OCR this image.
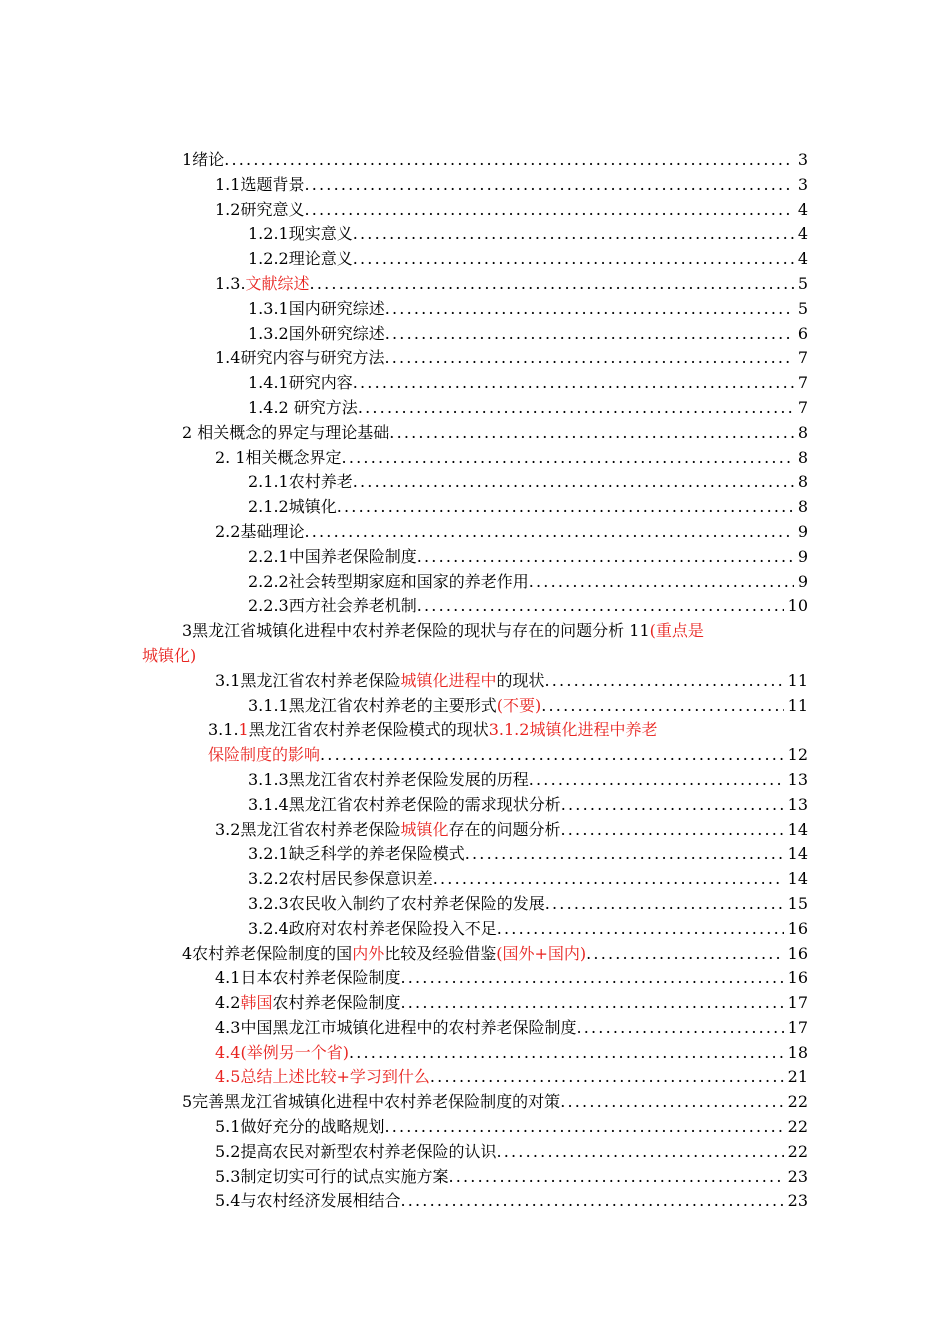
1绪论 .....	3
1.1选题背景 .....	3
1.2研究意义 .....	4
1.2.1现实意义 .....	4
1.2.2理论意义 .....	4
1.3.文献综述 .....	5
1.3.1国内研究综述 .....	5
1.3.2国外研究综述 .....	6
1.4研究内容与研究方法 .....	7
1.4.1研究内容 .....	7
1.4.2 研究方法 .....	7
2 相关概念的界定与理论基础 .....	8
2. 1相关概念界定 .....	8
2.1.1农村养老 .....	8
2.1.2城镇化 .....	8
2.2基础理论 .....	9
2.2.1中国养老保险制度 .....	9
2.2.2社会转型期家庭和国家的养老作用 .....	9
2.2.3西方社会养老机制 .....	10
3黑龙江省城镇化进程中农村养老保险的现状与存在的问题分析 11(重点是
城镇化)
3.1黑龙江省农村养老保险城镇化进程中的现状 .....	11
3.1.1黑龙江省农村养老的主要形式(不要) .....	11
3.1.1黑龙江省农村养老保险模式的现状3.1.2城镇化进程中养老
保险制度的影响 .....	12
3.1.3黑龙江省农村养老保险发展的历程 .....	13
3.1.4黑龙江省农村养老保险的需求现状分析 .....	13
3.2黑龙江省农村养老保险城镇化存在的问题分析 .....	14
3.2.1缺乏科学的养老保险模式 .....	14
3.2.2农村居民参保意识差 .....	14
3.2.3农民收入制约了农村养老保险的发展 .....	15
3.2.4政府对农村养老保险投入不足 .....	16
4农村养老保险制度的国内外比较及经验借鉴(国外+国内) .....	16
4.1日本农村养老保险制度 .....	16
4.2韩国农村养老保险制度 .....	17
4.3中国黑龙江市城镇化进程中的农村养老保险制度 .....	17
4.4(举例另一个省) .....	18
4.5总结上述比较+学习到什么 .....	21
5完善黑龙江省城镇化进程中农村养老保险制度的对策 .....	22
5.1做好充分的战略规划 .....	22
5.2提高农民对新型农村养老保险的认识 .....	22
5.3制定切实可行的试点实施方案 .....	23
5.4与农村经济发展相结合 .....	23
